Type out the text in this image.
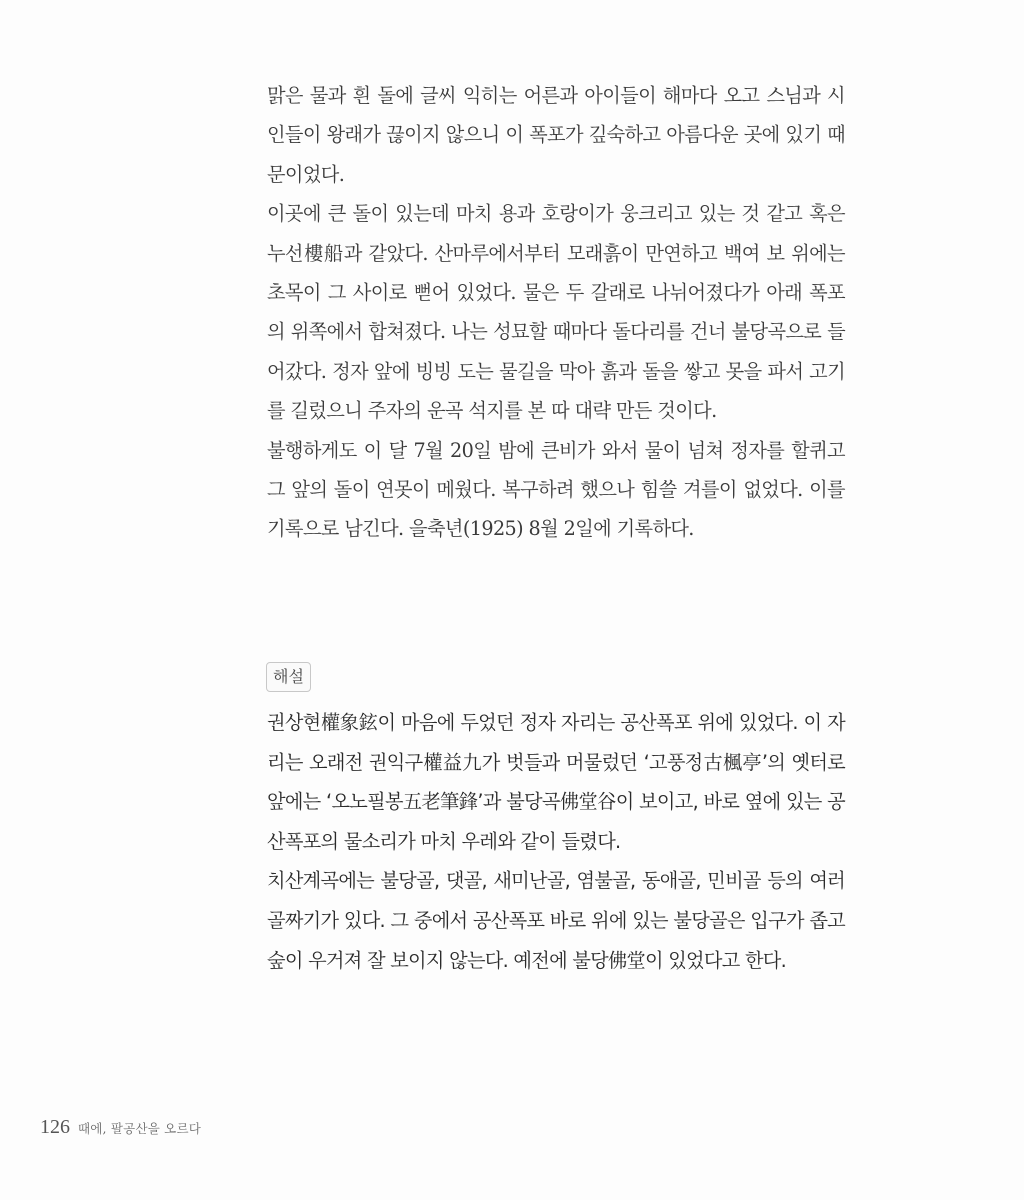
맑은 물과 흰 돌에 글씨 익히는 어른과 아이들이 해마다 오고 스님과 시인들이 왕래가 끊이지 않으니 이 폭포가 깊숙하고 아름다운 곳에 있기 때문이었다.

이곳에 큰 돌이 있는데 마치 용과 호랑이가 웅크리고 있는 것 같고 혹은 누선樓船과 같았다. 산마루에서부터 모래흙이 만연하고 백여 보 위에는 초목이 그 사이로 뻗어 있었다. 물은 두 갈래로 나뉘어졌다가 아래 폭포의 위쪽에서 합쳐졌다. 나는 성묘할 때마다 돌다리를 건너 불당곡으로 들어갔다. 정자 앞에 빙빙 도는 물길을 막아 흙과 돌을 쌓고 못을 파서 고기를 길렀으니 주자의 운곡 석지를 본 따 대략 만든 것이다.

불행하게도 이 달 7월 20일 밤에 큰비가 와서 물이 넘쳐 정자를 할퀴고 그 앞의 돌이 연못이 메웠다. 복구하려 했으나 힘쓸 겨를이 없었다. 이를 기록으로 남긴다. 을축년(1925) 8월 2일에 기록하다.

해설

권상현權象鉉이 마음에 두었던 정자 자리는 공산폭포 위에 있었다. 이 자리는 오래전 권익구權益九가 벗들과 머물렀던 ‘고풍정古楓亭’의 옛터로 앞에는 ‘오노필봉五老筆鋒’과 불당곡佛堂谷이 보이고, 바로 옆에 있는 공산폭포의 물소리가 마치 우레와 같이 들렸다.

치산계곡에는 불당골, 댓골, 새미난골, 염불골, 동애골, 민비골 등의 여러 골짜기가 있다. 그 중에서 공산폭포 바로 위에 있는 불당골은 입구가 좁고 숲이 우거져 잘 보이지 않는다. 예전에 불당佛堂이 있었다고 한다.

126 때에, 팔공산을 오르다
